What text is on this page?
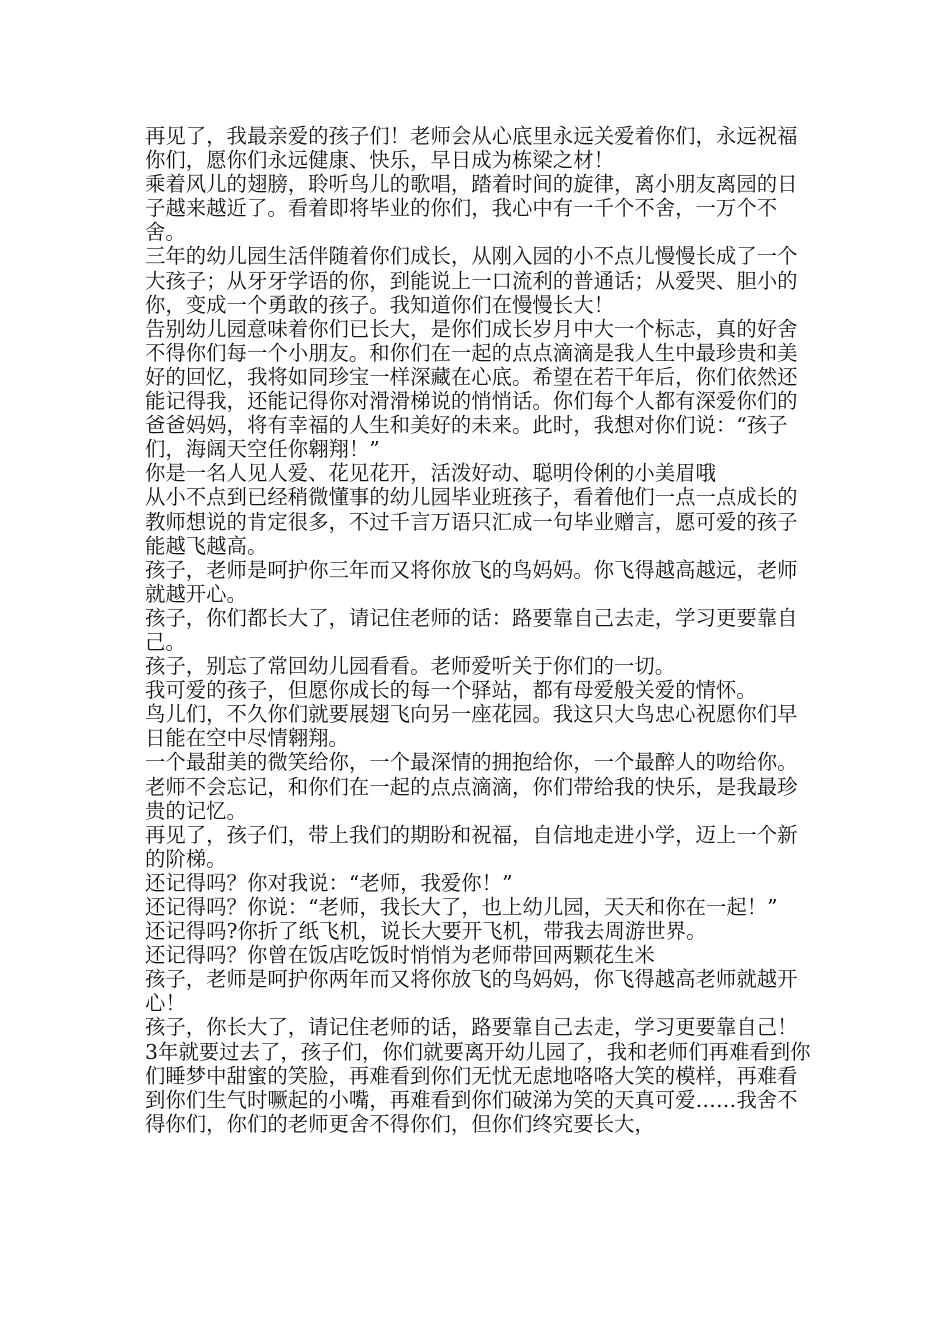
再见了，我最亲爱的孩子们！老师会从心底里永远关爱着你们，永远祝福你们，愿你们永远健康、快乐，早日成为栋梁之材！

乘着风儿的翅膀，聆听鸟儿的歌唱，踏着时间的旋律，离小朋友离园的日子越来越近了。看着即将毕业的你们，我心中有一千个不舍，一万个不舍。

三年的幼儿园生活伴随着你们成长，从刚入园的小不点儿慢慢长成了一个大孩子；从牙牙学语的你，到能说上一口流利的普通话；从爱哭、胆小的你，变成一个勇敢的孩子。我知道你们在慢慢长大！

告别幼儿园意味着你们已长大，是你们成长岁月中大一个标志，真的好舍不得你们每一个小朋友。和你们在一起的点点滴滴是我人生中最珍贵和美好的回忆，我将如同珍宝一样深藏在心底。希望在若干年后，你们依然还能记得我，还能记得你对滑滑梯说的悄悄话。你们每个人都有深爱你们的爸爸妈妈，将有幸福的人生和美好的未来。此时，我想对你们说：“孩子们，海阔天空任你翱翔！”

你是一名人见人爱、花见花开，活泼好动、聪明伶俐的小美眉哦

从小不点到已经稍微懂事的幼儿园毕业班孩子，看着他们一点一点成长的教师想说的肯定很多，不过千言万语只汇成一句毕业赠言，愿可爱的孩子能越飞越高。

孩子，老师是呵护你三年而又将你放飞的鸟妈妈。你飞得越高越远，老师就越开心。

孩子，你们都长大了，请记住老师的话：路要靠自己去走，学习更要靠自己。

孩子，别忘了常回幼儿园看看。老师爱听关于你们的一切。

我可爱的孩子，但愿你成长的每一个驿站，都有母爱般关爱的情怀。

鸟儿们，不久你们就要展翅飞向另一座花园。我这只大鸟忠心祝愿你们早日能在空中尽情翱翔。

一个最甜美的微笑给你，一个最深情的拥抱给你，一个最醉人的吻给你。

老师不会忘记，和你们在一起的点点滴滴，你们带给我的快乐，是我最珍贵的记忆。

再见了，孩子们，带上我们的期盼和祝福，自信地走进小学，迈上一个新的阶梯。

还记得吗？你对我说：“老师，我爱你！”

还记得吗？你说：“老师，我长大了，也上幼儿园，天天和你在一起！”

还记得吗?你折了纸飞机，说长大要开飞机，带我去周游世界。

还记得吗？你曾在饭店吃饭时悄悄为老师带回两颗花生米

孩子，老师是呵护你两年而又将你放飞的鸟妈妈，你飞得越高老师就越开心！

孩子，你长大了，请记住老师的话，路要靠自己去走，学习更要靠自己！

3年就要过去了，孩子们，你们就要离开幼儿园了，我和老师们再难看到你们睡梦中甜蜜的笑脸，再难看到你们无忧无虑地咯咯大笑的模样，再难看到你们生气时噘起的小嘴，再难看到你们破涕为笑的天真可爱……我舍不得你们，你们的老师更舍不得你们，但你们终究要长大，
